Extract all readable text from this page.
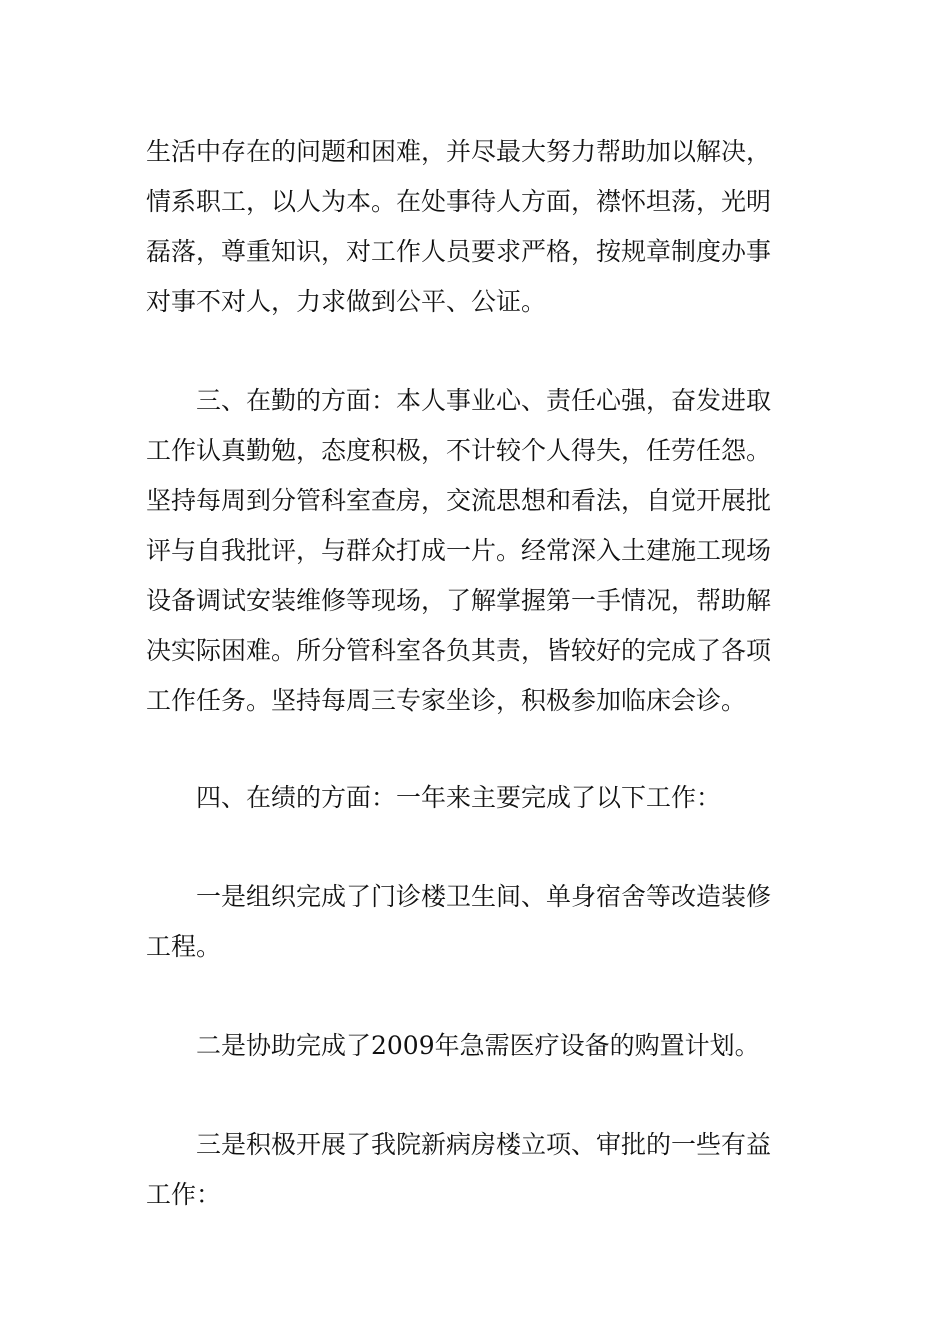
生活中存在的问题和困难，并尽最大努力帮助加以解决，
情系职工，以人为本。在处事待人方面，襟怀坦荡，光明
磊落，尊重知识，对工作人员要求严格，按规章制度办事
对事不对人，力求做到公平、公证。
三、在勤的方面：本人事业心、责任心强，奋发进取
工作认真勤勉，态度积极，不计较个人得失，任劳任怨。
坚持每周到分管科室查房，交流思想和看法，自觉开展批
评与自我批评，与群众打成一片。经常深入土建施工现场
设备调试安装维修等现场，了解掌握第一手情况，帮助解
决实际困难。所分管科室各负其责，皆较好的完成了各项
工作任务。坚持每周三专家坐诊，积极参加临床会诊。
四、在绩的方面：一年来主要完成了以下工作：
一是组织完成了门诊楼卫生间、单身宿舍等改造装修
工程。
二是协助完成了2009年急需医疗设备的购置计划。
三是积极开展了我院新病房楼立项、审批的一些有益
工作：
